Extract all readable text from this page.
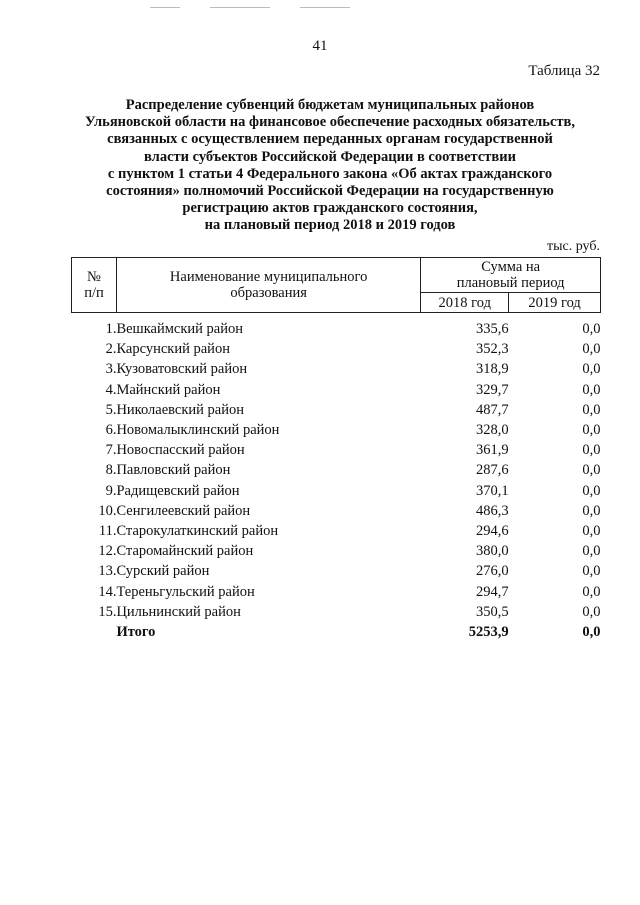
41
Таблица 32
Распределение субвенций бюджетам муниципальных районов
Ульяновской области на финансовое обеспечение расходных обязательств,
связанных с осуществлением переданных органам государственной
власти субъектов Российской Федерации в соответствии
с пунктом 1 статьи 4 Федерального закона «Об актах гражданского
состояния» полномочий Российской Федерации на государственную
регистрацию актов гражданского состояния,
на плановый период 2018 и 2019 годов
тыс. руб.
№ п/п	Наименование муниципального образования	Сумма на плановый период	
		2018 год	2019 год

1.	Вешкаймский район	335,6	0,0
2.	Карсунский район	352,3	0,0
3.	Кузоватовский район	318,9	0,0
4.	Майнский район	329,7	0,0
5.	Николаевский район	487,7	0,0
6.	Новомалыклинский район	328,0	0,0
7.	Новоспасский район	361,9	0,0
8.	Павловский район	287,6	0,0
9.	Радищевский район	370,1	0,0
10.	Сенгилеевский район	486,3	0,0
11.	Старокулаткинский район	294,6	0,0
12.	Старомайнский район	380,0	0,0
13.	Сурский район	276,0	0,0
14.	Тереньгульский район	294,7	0,0
15.	Цильнинский район	350,5	0,0
	Итого	5253,9	0,0
